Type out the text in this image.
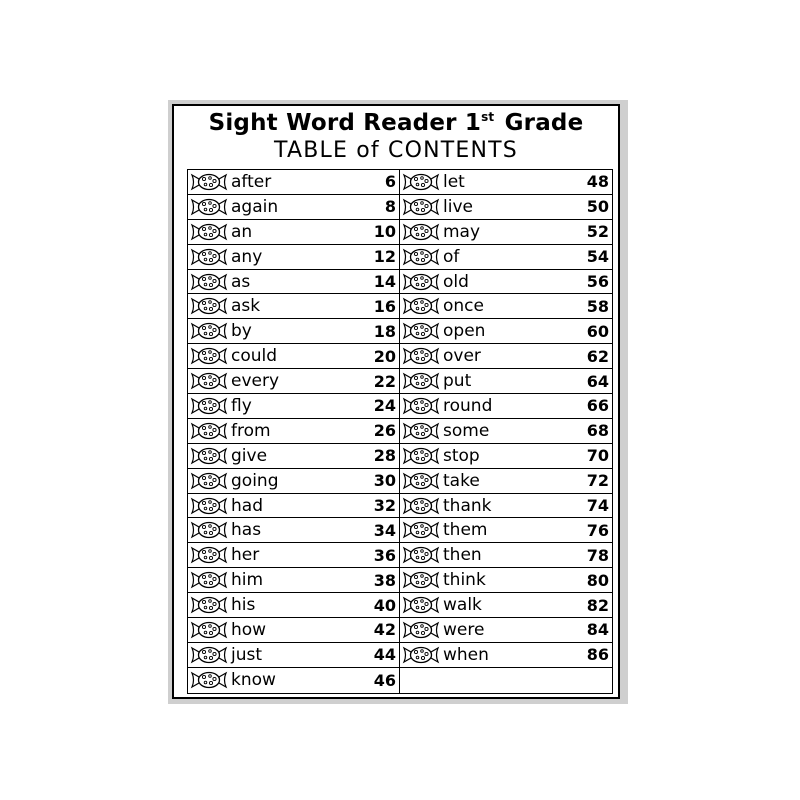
Sight Word Reader 1st Grade
TABLE of CONTENTS
after	6
again	8
an	10
any	12
as	14
ask	16
by	18
could	20
every	22
fly	24
from	26
give	28
going	30
had	32
has	34
her	36
him	38
his	40
how	42
just	44
know	46
let	48
live	50
may	52
of	54
old	56
once	58
open	60
over	62
put	64
round	66
some	68
stop	70
take	72
thank	74
them	76
then	78
think	80
walk	82
were	84
when	86
